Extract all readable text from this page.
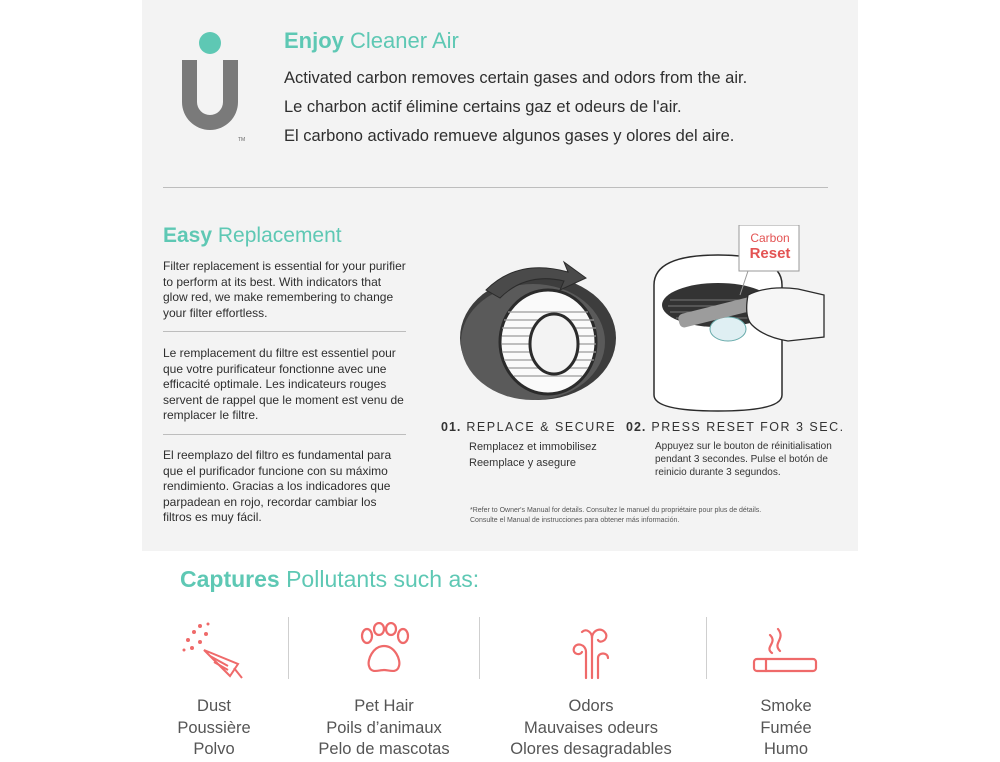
TM
Enjoy Cleaner Air
Activated carbon removes certain gases and odors from the air.
Le charbon actif élimine certains gaz et odeurs de l'air.
El carbono activado remueve algunos gases y olores del aire.
Easy Replacement
Filter replacement is essential for your purifier to perform at its best. With indicators that glow red, we make remembering to change your filter effortless.
Le remplacement du filtre est essentiel pour que votre purificateur fonctionne avec une efficacité optimale. Les indicateurs rouges servent de rappel que le moment est venu de remplacer le filtre.
El reemplazo del filtro es fundamental para que el purificador funcione con su máximo rendimiento. Gracias a los indicadores que parpadean en rojo, recordar cambiar los filtros es muy fácil.
Carbon
Reset
01. REPLACE & SECURE
Remplacez et immobilisez
Reemplace y asegure
02. PRESS RESET FOR 3 SEC.
Appuyez sur le bouton de réinitialisation
pendant 3 secondes. Pulse el botón de
reinicio durante 3 segundos.
*Refer to Owner's Manual for details. Consultez le manuel du propriétaire pour plus de détails.
Consulte el Manual de instrucciones para obtener más información.
Captures Pollutants such as:
Dust
Poussière
Polvo
Pet Hair
Poils d’animaux
Pelo de mascotas
Odors
Mauvaises odeurs
Olores desagradables
Smoke
Fumée
Humo
